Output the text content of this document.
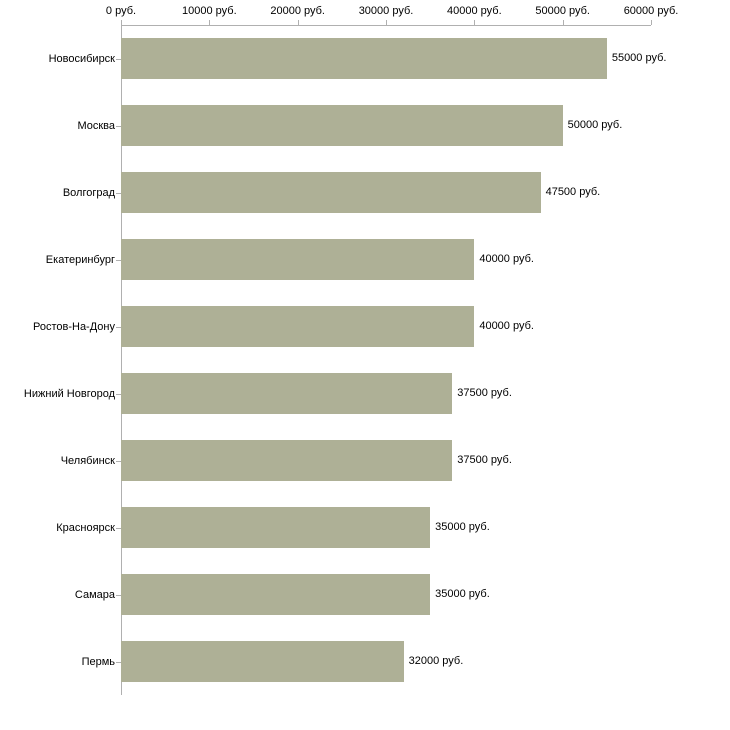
Новосибирск
Москва
Волгоград
Екатеринбург
Ростов-На-Дону
Нижний Новгород
Челябинск
Красноярск
Самара
Пермь
55000 руб.
50000 руб.
47500 руб.
40000 руб.
40000 руб.
37500 руб.
37500 руб.
35000 руб.
35000 руб.
32000 руб.
0 руб.	10000 руб.	20000 руб.	30000 руб.	40000 руб.	50000 руб.	60000 руб.
